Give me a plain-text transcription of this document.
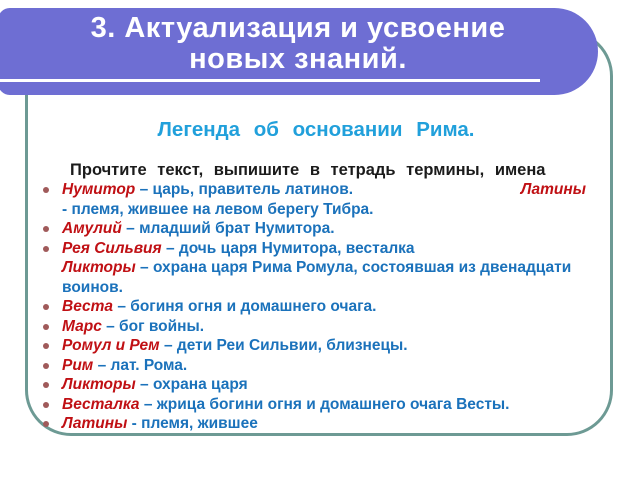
Легенда об основании Рима.
Прочтите текст, выпишите в тетрадь термины, имена
Нумитор – царь, правитель латинов.	Латины
- племя, жившее на левом берегу Тибра.
Амулий – младший брат Нумитора.
Рея Сильвия – дочь царя Нумитора, весталка
Ликторы – охрана царя Рима Ромула, состоявшая из двенадцати воинов.
Веста – богиня огня и домашнего очага.
Марс – бог войны.
Ромул и Рем – дети Реи Сильвии, близнецы.
Рим – лат. Рома.
Ликторы – охрана царя
Весталка – жрица богини огня и домашнего очага Весты.
Латины - племя, жившее
3. Актуализация и усвоение
новых знаний.
